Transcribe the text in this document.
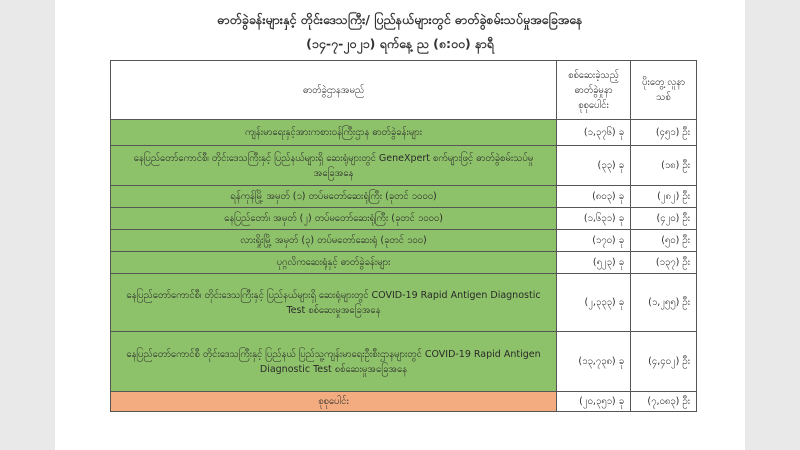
ဓာတ်ခွဲခန်းများနှင့် တိုင်းဒေသကြီး/ ပြည်နယ်များတွင် ဓာတ်ခွဲစမ်းသပ်မှုအခြေအနေ
(၁၄-၇-၂၀၂၁) ရက်နေ့ ည (၈:၀၀) နာရီ
ဓာတ်ခွဲဌာနအမည်	စစ်ဆေးခဲ့သည့် ဓာတ်ခွဲမှုနာ စုစုပေါင်း	ပိုးတွေ့ လူနာသစ်
ကျန်းမာရေးနှင့်အားကစားဝန်ကြီးဌာန ဓာတ်ခွဲခန်းများ	(၁,၃၇၆) ခု	(၄၅၁) ဦး
နေပြည်တော်ကောင်စီ၊ တိုင်းဒေသကြီးနှင့် ပြည်နယ်များရှိ ဆေးရုံများတွင် GeneXpert စက်များဖြင့် ဓာတ်ခွဲစမ်းသပ်မှုအခြေအနေ	(၃၃) ခု	(၁၈) ဦး
ရန်ကုန်မြို့ အမှတ် (၁) တပ်မတော်ဆေးရုံကြီး (ခုတင် ၁၀၀၀)	(၈၀၃) ခု	(၂၈၂) ဦး
နေပြည်တော်၊ အမှတ် (၂) တပ်မတော်ဆေးရုံကြီး (ခုတင် ၁၀၀၀)	(၁,၆၃၁) ခု	(၄၂၀) ဦး
လားရှိုးမြို့ အမှတ် (၃) တပ်မတော်ဆေးရုံ (ခုတင် ၁၀၀)	(၁၇၀) ခု	(၅၀) ဦး
ပုဂ္ဂလိကဆေးရုံနှင့် ဓာတ်ခွဲခန်းများ	(၅၂၃) ခု	(၁၃၇) ဦး
နေပြည်တော်ကောင်စီ၊ တိုင်းဒေသကြီးနှင့် ပြည်နယ်များရှိ ဆေးရုံများတွင် COVID-19 Rapid Antigen Diagnostic Test စစ်ဆေးမှုအခြေအနေ	(၂,၃၃၃) ခု	(၁,၂၅၅) ဦး
နေပြည်တော်ကောင်စီ တိုင်းဒေသကြီးနှင့် ပြည်နယ် ပြည်သူ့ကျန်းမာရေးဦးစီးဌာနများတွင် COVID-19 Rapid Antigen Diagnostic Test စစ်ဆေးမှုအခြေအနေ	(၁၃,၇၃၈) ခု	(၄,၄၀၂) ဦး
စုစုပေါင်း	(၂၀,၃၅၁) ခု	(၇,၀၈၃) ဦး
